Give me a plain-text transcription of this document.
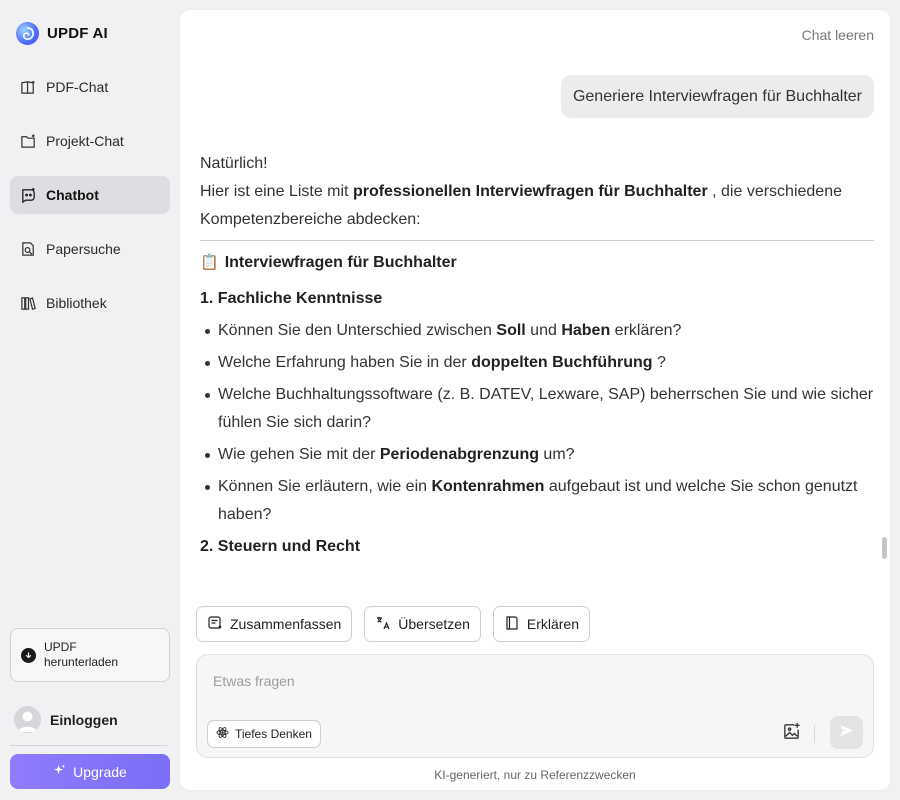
UPDF AI
PDF-Chat
Projekt-Chat
Chatbot
Papersuche
Bibliothek
UPDF herunterladen
Einloggen
Upgrade
Chat leeren
Generiere Interviewfragen für Buchhalter
Natürlich!
Hier ist eine Liste mit professionellen Interviewfragen für Buchhalter , die verschiedene Kompetenzbereiche abdecken:
📋 Interviewfragen für Buchhalter
1. Fachliche Kenntnisse
Können Sie den Unterschied zwischen Soll und Haben erklären?
Welche Erfahrung haben Sie in der doppelten Buchführung ?
Welche Buchhaltungssoftware (z. B. DATEV, Lexware, SAP) beherrschen Sie und wie sicher fühlen Sie sich darin?
Wie gehen Sie mit der Periodenabgrenzung um?
Können Sie erläutern, wie ein Kontenrahmen aufgebaut ist und welche Sie schon genutzt haben?
2. Steuern und Recht
Zusammenfassen	Übersetzen	Erklären
Etwas fragen
Tiefes Denken
KI-generiert, nur zu Referenzzwecken
